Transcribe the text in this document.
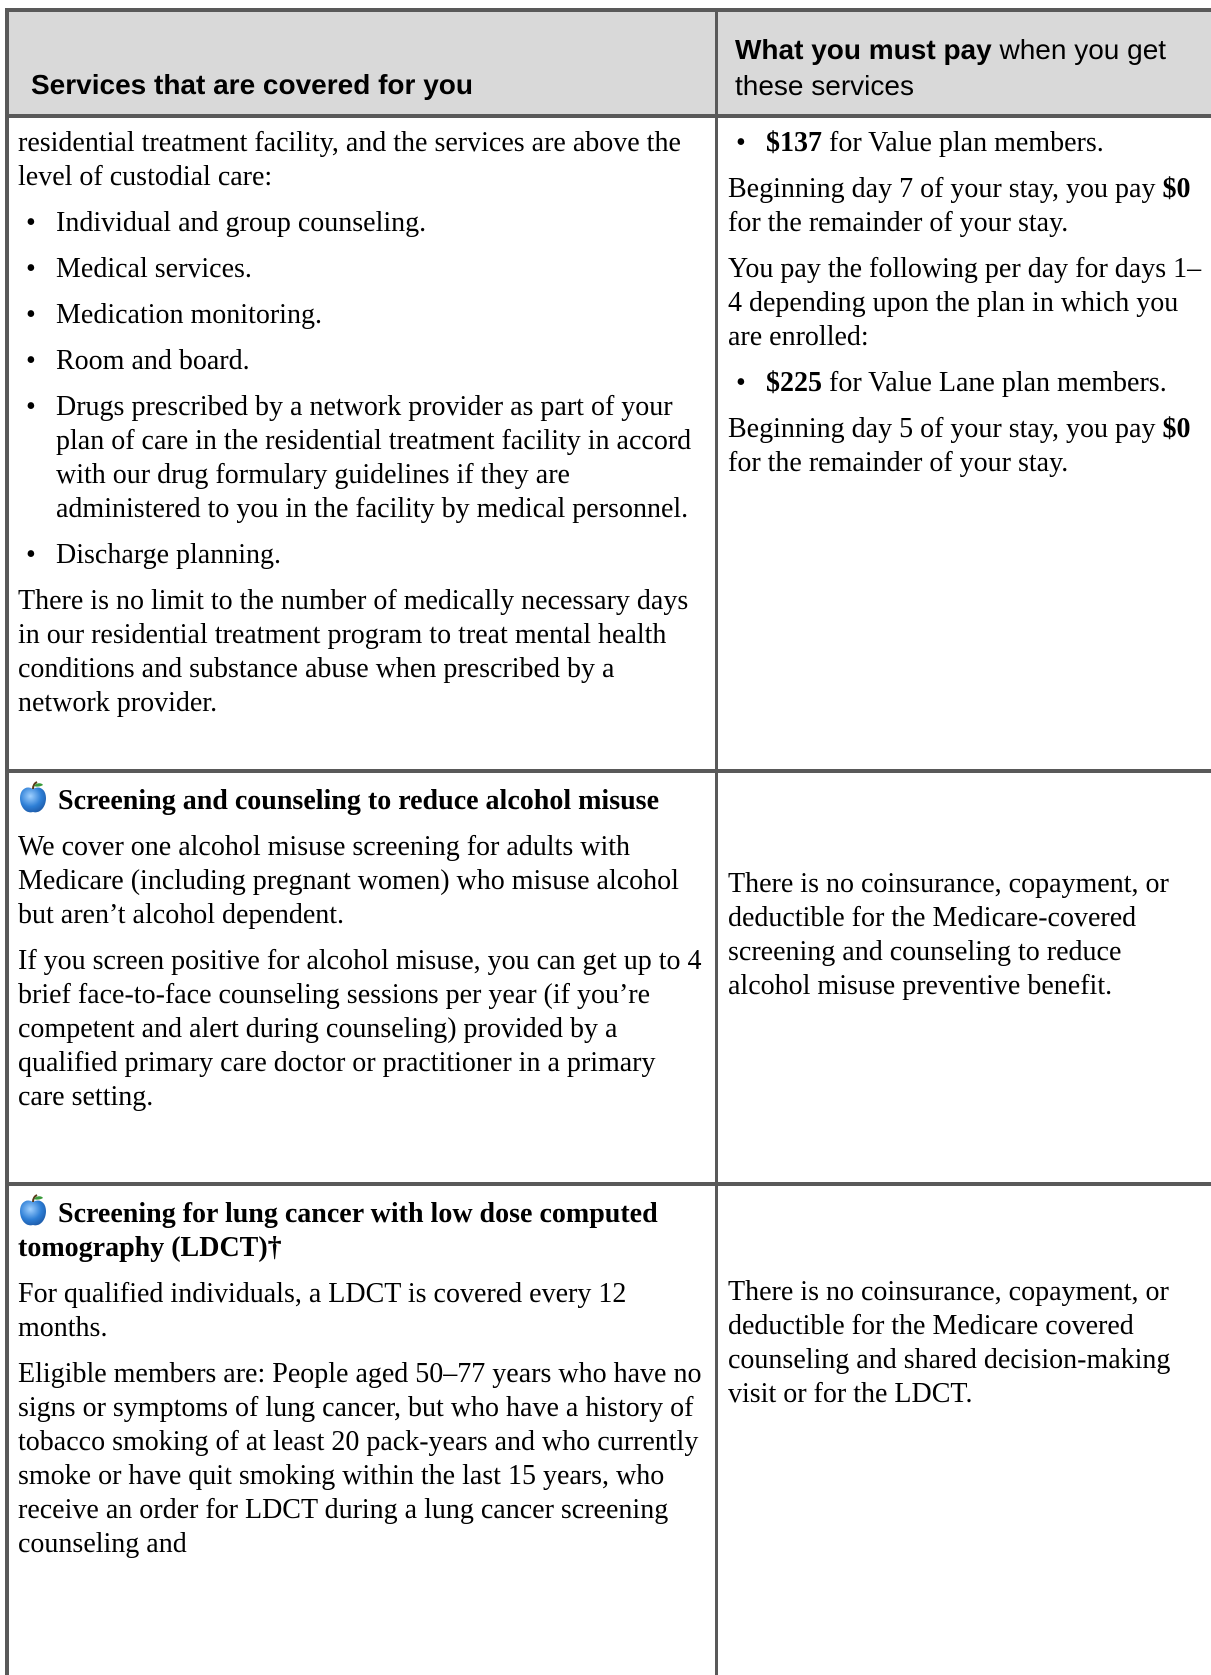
Services that are covered for you
What you must pay when you get these services

residential treatment facility, and the services are above the level of custodial care:

• Individual and group counseling.
• Medical services.
• Medication monitoring.
• Room and board.
• Drugs prescribed by a network provider as part of your plan of care in the residential treatment facility in accord with our drug formulary guidelines if they are administered to you in the facility by medical personnel.
• Discharge planning.

There is no limit to the number of medically necessary days in our residential treatment program to treat mental health conditions and substance abuse when prescribed by a network provider.

• $137 for Value plan members.

Beginning day 7 of your stay, you pay $0 for the remainder of your stay.

You pay the following per day for days 1–4 depending upon the plan in which you are enrolled:

• $225 for Value Lane plan members.

Beginning day 5 of your stay, you pay $0 for the remainder of your stay.

Screening and counseling to reduce alcohol misuse

We cover one alcohol misuse screening for adults with Medicare (including pregnant women) who misuse alcohol but aren’t alcohol dependent.

If you screen positive for alcohol misuse, you can get up to 4 brief face-to-face counseling sessions per year (if you’re competent and alert during counseling) provided by a qualified primary care doctor or practitioner in a primary care setting.

There is no coinsurance, copayment, or deductible for the Medicare-covered screening and counseling to reduce alcohol misuse preventive benefit.

Screening for lung cancer with low dose computed tomography (LDCT)†

For qualified individuals, a LDCT is covered every 12 months.

Eligible members are: People aged 50–77 years who have no signs or symptoms of lung cancer, but who have a history of tobacco smoking of at least 20 pack-years and who currently smoke or have quit smoking within the last 15 years, who receive an order for LDCT during a lung cancer screening counseling and

There is no coinsurance, copayment, or deductible for the Medicare covered counseling and shared decision-making visit or for the LDCT.
